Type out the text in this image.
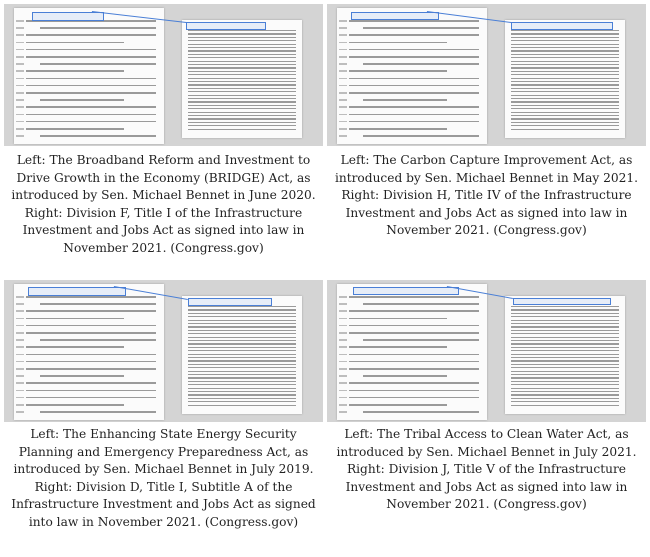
Left: The Broadband Reform and Investment to Drive Growth in the Economy (BRIDGE) Act, as introduced by Sen. Michael Bennet in June 2020. Right: Division F, Title I of the Infrastructure Investment and Jobs Act as signed into law in November 2021. (Congress.gov)
Left: The Carbon Capture Improvement Act, as introduced by Sen. Michael Bennet in May 2021. Right: Division H, Title IV of the Infrastructure Investment and Jobs Act as signed into law in November 2021. (Congress.gov)
Left: The Enhancing State Energy Security Planning and Emergency Preparedness Act, as introduced by Sen. Michael Bennet in July 2019. Right: Division D, Title I, Subtitle A of the Infrastructure Investment and Jobs Act as signed into law in November 2021. (Congress.gov)
Left: The Tribal Access to Clean Water Act, as introduced by Sen. Michael Bennet in July 2021. Right: Division J, Title V of the Infrastructure Investment and Jobs Act as signed into law in November 2021. (Congress.gov)
